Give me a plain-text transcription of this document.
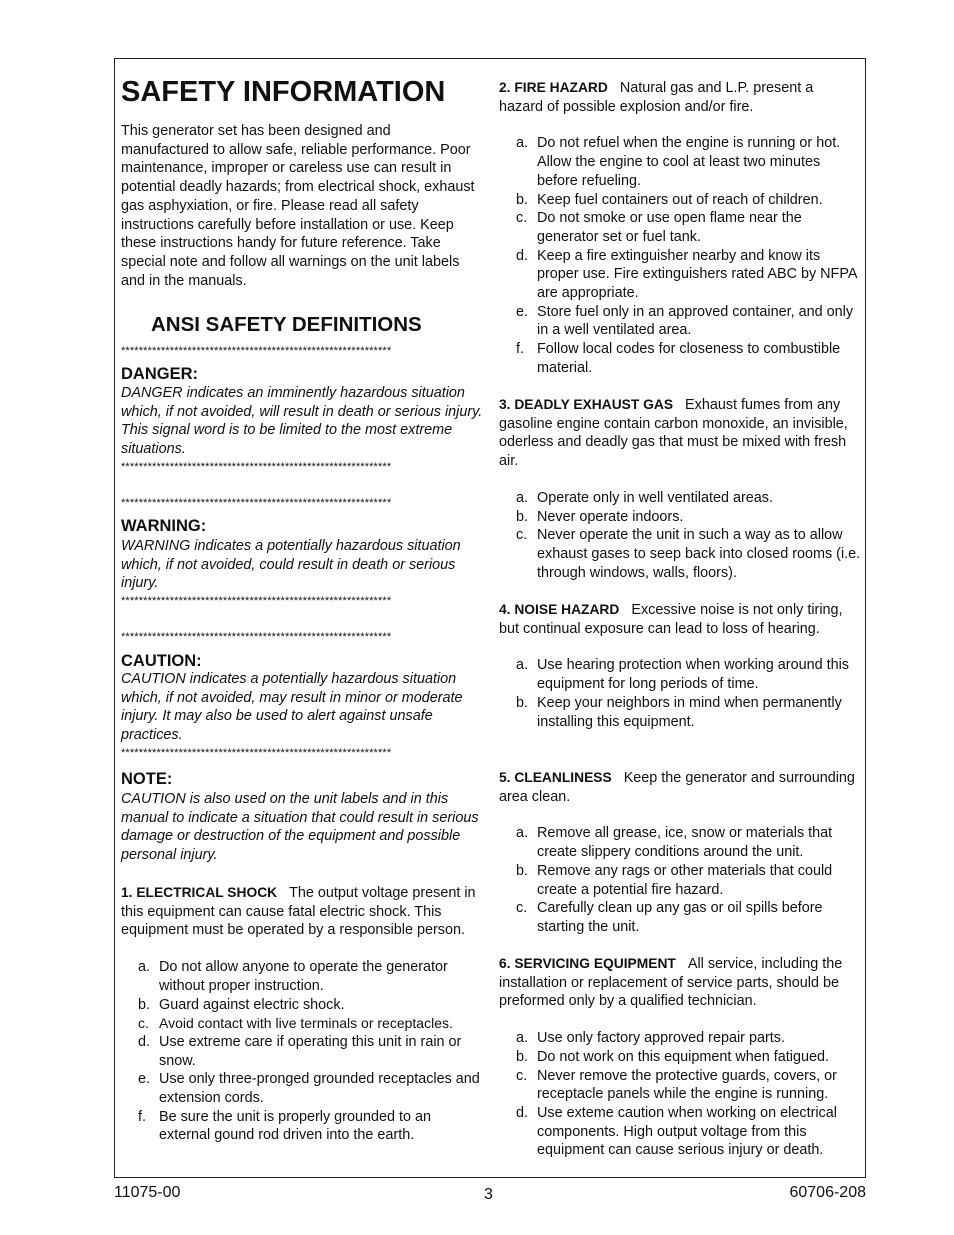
SAFETY INFORMATION

This generator set has been designed and manufactured to allow safe, reliable performance. Poor maintenance, improper or careless use can result in potential deadly hazards; from electrical shock, exhaust gas asphyxiation, or fire. Please read all safety instructions carefully before installation or use. Keep these instructions handy for future reference. Take special note and follow all warnings on the unit labels and in the manuals.

ANSI SAFETY DEFINITIONS
*************************************************************
DANGER:

DANGER indicates an imminently hazardous situation which, if not avoided, will result in death or serious injury. This signal word is to be limited to the most extreme situations.

*************************************************************
*************************************************************
WARNING:

WARNING indicates a potentially hazardous situation which, if not avoided, could result in death or serious injury.

*************************************************************
*************************************************************
CAUTION:

CAUTION indicates a potentially hazardous situation which, if not avoided, may result in minor or moderate injury. It may also be used to alert against unsafe practices.

*************************************************************
NOTE:

CAUTION is also used on the unit labels and in this manual to indicate a situation that could result in serious damage or destruction of the equipment and possible personal injury.

1. ELECTRICAL SHOCK The output voltage present in this equipment can cause fatal electric shock. This equipment must be operated by a responsible person.

a. Do not allow anyone to operate the generator without proper instruction.
b. Guard against electric shock.
c. Avoid contact with live terminals or receptacles.
d. Use extreme care if operating this unit in rain or snow.
e. Use only three-pronged grounded receptacles and extension cords.
f. Be sure the unit is properly grounded to an external gound rod driven into the earth.

2. FIRE HAZARD Natural gas and L.P. present a hazard of possible explosion and/or fire.

a. Do not refuel when the engine is running or hot. Allow the engine to cool at least two minutes before refueling.
b. Keep fuel containers out of reach of children.
c. Do not smoke or use open flame near the generator set or fuel tank.
d. Keep a fire extinguisher nearby and know its proper use. Fire extinguishers rated ABC by NFPA are appropriate.
e. Store fuel only in an approved container, and only in a well ventilated area.
f. Follow local codes for closeness to combustible material.

3. DEADLY EXHAUST GAS Exhaust fumes from any gasoline engine contain carbon monoxide, an invisible, oderless and deadly gas that must be mixed with fresh air.

a. Operate only in well ventilated areas.
b. Never operate indoors.
c. Never operate the unit in such a way as to allow exhaust gases to seep back into closed rooms (i.e. through windows, walls, floors).

4. NOISE HAZARD Excessive noise is not only tiring, but continual exposure can lead to loss of hearing.

a. Use hearing protection when working around this equipment for long periods of time.
b. Keep your neighbors in mind when permanently installing this equipment.

5. CLEANLINESS Keep the generator and surrounding area clean.

a. Remove all grease, ice, snow or materials that create slippery conditions around the unit.
b. Remove any rags or other materials that could create a potential fire hazard.
c. Carefully clean up any gas or oil spills before starting the unit.

6. SERVICING EQUIPMENT All service, including the installation or replacement of service parts, should be preformed only by a qualified technician.

a. Use only factory approved repair parts.
b. Do not work on this equipment when fatigued.
c. Never remove the protective guards, covers, or receptacle panels while the engine is running.
d. Use exteme caution when working on electrical components. High output voltage from this equipment can cause serious injury or death.
11075-00	3	60706-208
